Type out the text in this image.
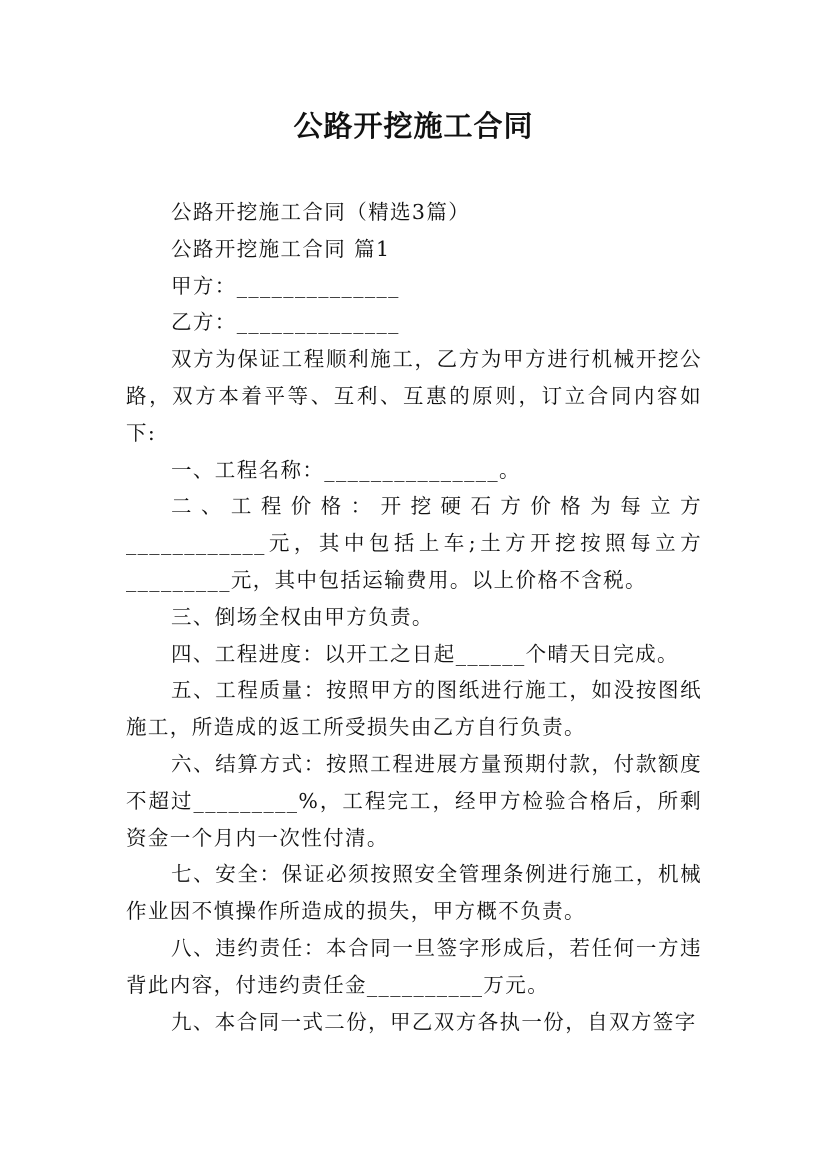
公路开挖施工合同

公路开挖施工合同（精选3篇）

公路开挖施工合同 篇1

甲方：______________

乙方：______________

双方为保证工程顺利施工，乙方为甲方进行机械开挖公路，双方本着平等、互利、互惠的原则，订立合同内容如下:

一、工程名称：_______________。

二、工程价格：开挖硬石方价格为每立方____________元，其中包括上车;土方开挖按照每立方_________元，其中包括运输费用。以上价格不含税。

三、倒场全权由甲方负责。

四、工程进度：以开工之日起______个晴天日完成。

五、工程质量：按照甲方的图纸进行施工，如没按图纸施工，所造成的返工所受损失由乙方自行负责。

六、结算方式：按照工程进展方量预期付款，付款额度不超过_________%，工程完工，经甲方检验合格后，所剩资金一个月内一次性付清。

七、安全：保证必须按照安全管理条例进行施工，机械作业因不慎操作所造成的损失，甲方概不负责。

八、违约责任：本合同一旦签字形成后，若任何一方违背此内容，付违约责任金__________万元。

九、本合同一式二份，甲乙双方各执一份，自双方签字
